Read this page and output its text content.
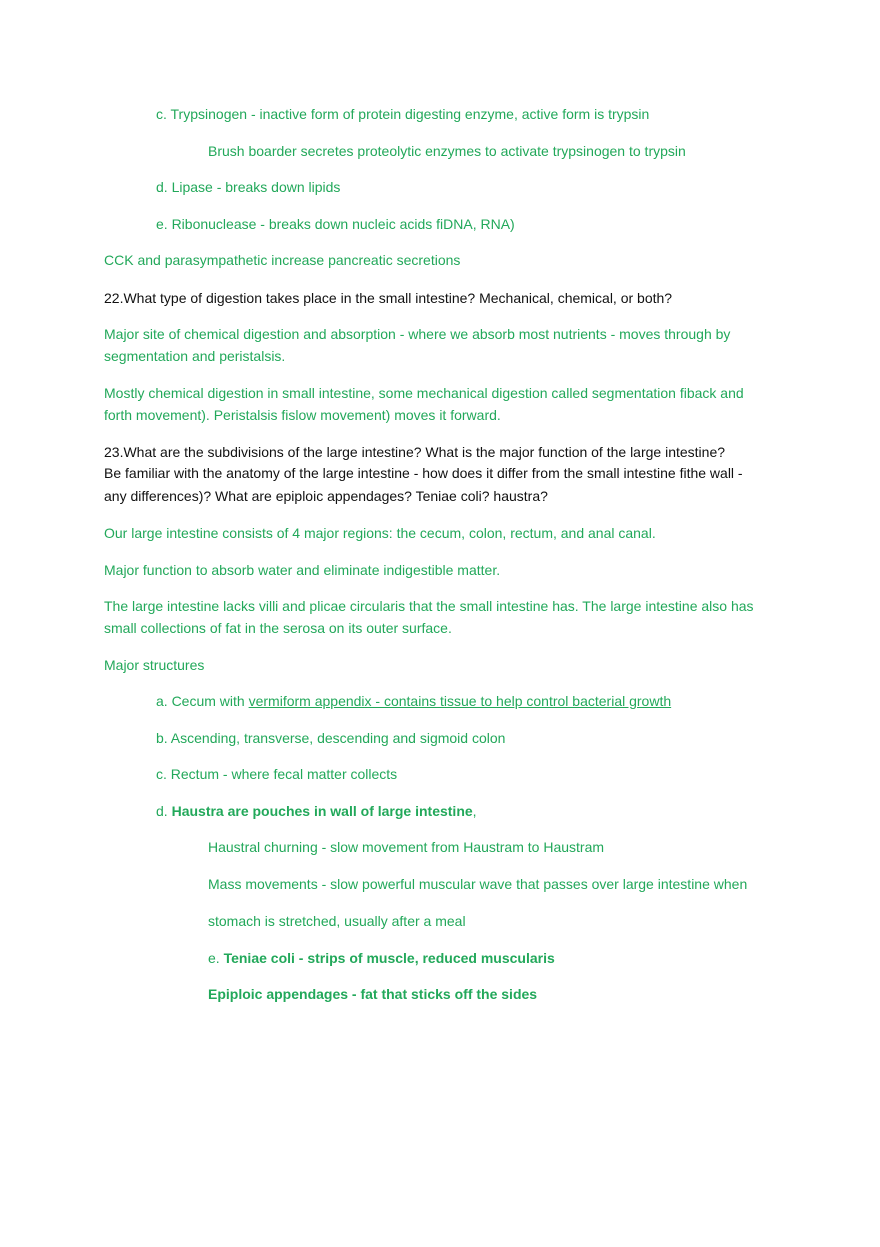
c. Trypsinogen - inactive form of protein digesting enzyme, active form is trypsin
Brush boarder secretes proteolytic enzymes to activate trypsinogen to trypsin
d. Lipase - breaks down lipids
e. Ribonuclease - breaks down nucleic acids fiDNA, RNA)
CCK and parasympathetic increase pancreatic secretions
22.What type of digestion takes place in the small intestine? Mechanical, chemical, or both?
Major site of chemical digestion and absorption - where we absorb most nutrients - moves through by
segmentation and peristalsis.
Mostly chemical digestion in small intestine, some mechanical digestion called segmentation fiback and
forth movement). Peristalsis fislow movement) moves it forward.
23.What are the subdivisions of the large intestine? What is the major function of the large intestine?
Be familiar with the anatomy of the large intestine - how does it differ from the small intestine fithe wall -
any differences)? What are epiploic appendages? Teniae coli? haustra?
Our large intestine consists of 4 major regions: the cecum, colon, rectum, and anal canal.
Major function to absorb water and eliminate indigestible matter.
The large intestine lacks villi and plicae circularis that the small intestine has. The large intestine also has
small collections of fat in the serosa on its outer surface.
Major structures
a. Cecum with vermiform appendix - contains tissue to help control bacterial growth
b. Ascending, transverse, descending and sigmoid colon
c. Rectum - where fecal matter collects
d. Haustra are pouches in wall of large intestine,
Haustral churning - slow movement from Haustram to Haustram
Mass movements - slow powerful muscular wave that passes over large intestine when
stomach is stretched, usually after a meal
e. Teniae coli - strips of muscle, reduced muscularis
Epiploic appendages - fat that sticks off the sides
